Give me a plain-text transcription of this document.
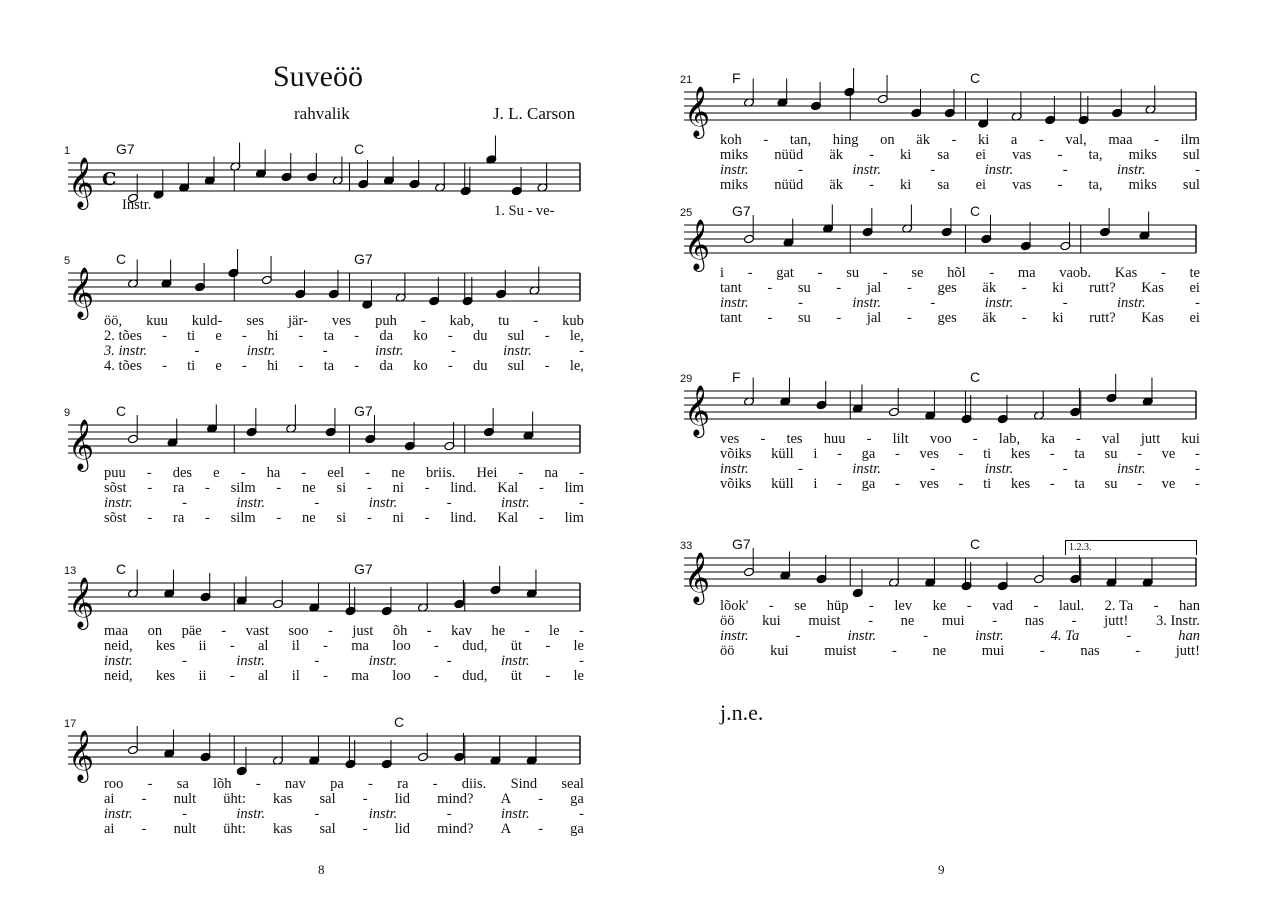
Suveöö
rahvalik	J. L. Carson
8
𝄞 C
1	G7	C
Instr.	1. Su - ve-
𝄞
5	C	G7
öö, kuu kuld- ses jär- ves puh - kab, tu - kub
2. tões - ti e - hi - ta - da ko - du sul - le,
3. instr.	-	instr.	-	instr.	-	instr.	-
4. tões - ti e - hi - ta - da ko - du sul - le,
𝄞
9	C	G7
puu - des e - ha - eel - ne briis. Hei - na -
sõst - ra - silm - ne si - ni - lind. Kal - lim
instr.	-	instr.	-	instr.	-	instr.	-
sõst - ra - silm - ne si - ni - lind. Kal - lim
𝄞
13	C	G7
maa on päe - vast soo - just õh - kav he - le -
neid, kes ii - al il - ma loo - dud, üt - le
instr.	-	instr.	-	instr.	-	instr.	-
neid, kes ii - al il - ma loo - dud, üt - le
𝄞
17	C
roo - sa lõh - nav pa - ra - diis. Sind seal
ai - nult üht: kas sal - lid mind? A - ga
instr.	-	instr.	-	instr.	-	instr.	-
ai - nult üht: kas sal - lid mind? A - ga
𝄞
21	F	C
koh - tan, hing on äk - ki a - val, maa - ilm
miks nüüd äk - ki sa ei vas - ta, miks sul
instr.	-	instr.	-	instr.	-	instr.	-
miks nüüd äk - ki sa ei vas - ta, miks sul
𝄞
25	G7	C
i - gat - su - se hõl - ma vaob. Kas - te
tant - su - jal - ges äk - ki rutt? Kas ei
instr.	-	instr.	-	instr.	-	instr.	-
tant - su - jal - ges äk - ki rutt? Kas ei
𝄞
29	F	C
ves - tes huu - lilt voo - lab, ka - val jutt kui
võiks küll i - ga - ves - ti kes - ta su - ve -
instr.	-	instr.	-	instr.	-	instr.	-
võiks küll i - ga - ves - ti kes - ta su - ve -
𝄞
33	G7	C
lõok' - se hüp - lev ke - vad - laul. 2. Ta - han
öö kui muist - ne mui - nas - jutt! 3. Instr.
instr.	-	instr.	-	instr.	4. Ta	-	han
öö kui muist - ne mui - nas - jutt!
1.2.3.
j.n.e.
9
